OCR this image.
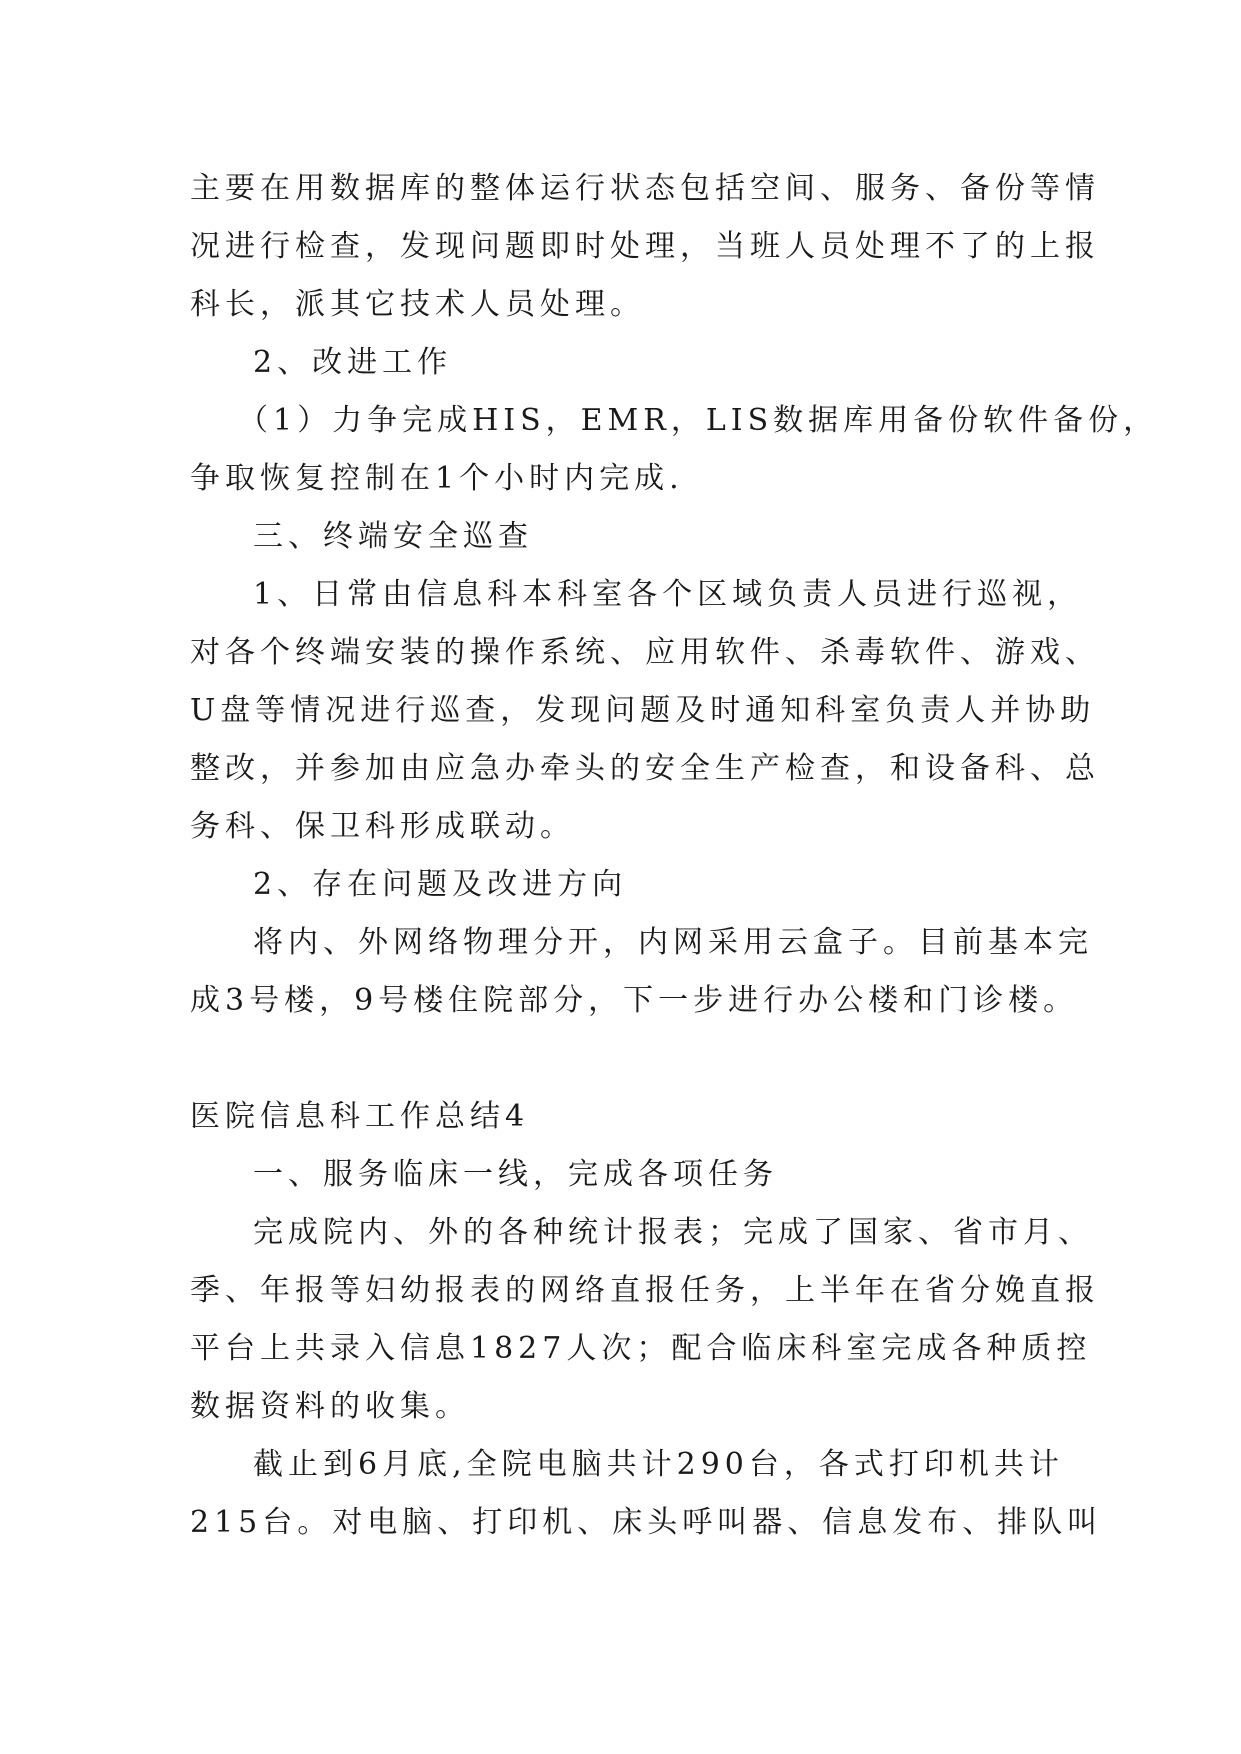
主要在用数据库的整体运行状态包括空间、服务、备份等情

况进行检查，发现问题即时处理，当班人员处理不了的上报

科长，派其它技术人员处理。

2、改进工作

（1）力争完成HIS，EMR，LIS数据库用备份软件备份，

争取恢复控制在1个小时内完成.

三、终端安全巡查

1、日常由信息科本科室各个区域负责人员进行巡视，

对各个终端安装的操作系统、应用软件、杀毒软件、游戏、

U盘等情况进行巡查，发现问题及时通知科室负责人并协助

整改，并参加由应急办牵头的安全生产检查，和设备科、总

务科、保卫科形成联动。

2、存在问题及改进方向

将内、外网络物理分开，内网采用云盒子。目前基本完

成3号楼，9号楼住院部分，下一步进行办公楼和门诊楼。

医院信息科工作总结4

一、服务临床一线，完成各项任务

完成院内、外的各种统计报表；完成了国家、省市月、

季、年报等妇幼报表的网络直报任务，上半年在省分娩直报

平台上共录入信息1827人次；配合临床科室完成各种质控

数据资料的收集。

截止到6月底,全院电脑共计290台，各式打印机共计

215台。对电脑、打印机、床头呼叫器、信息发布、排队叫
